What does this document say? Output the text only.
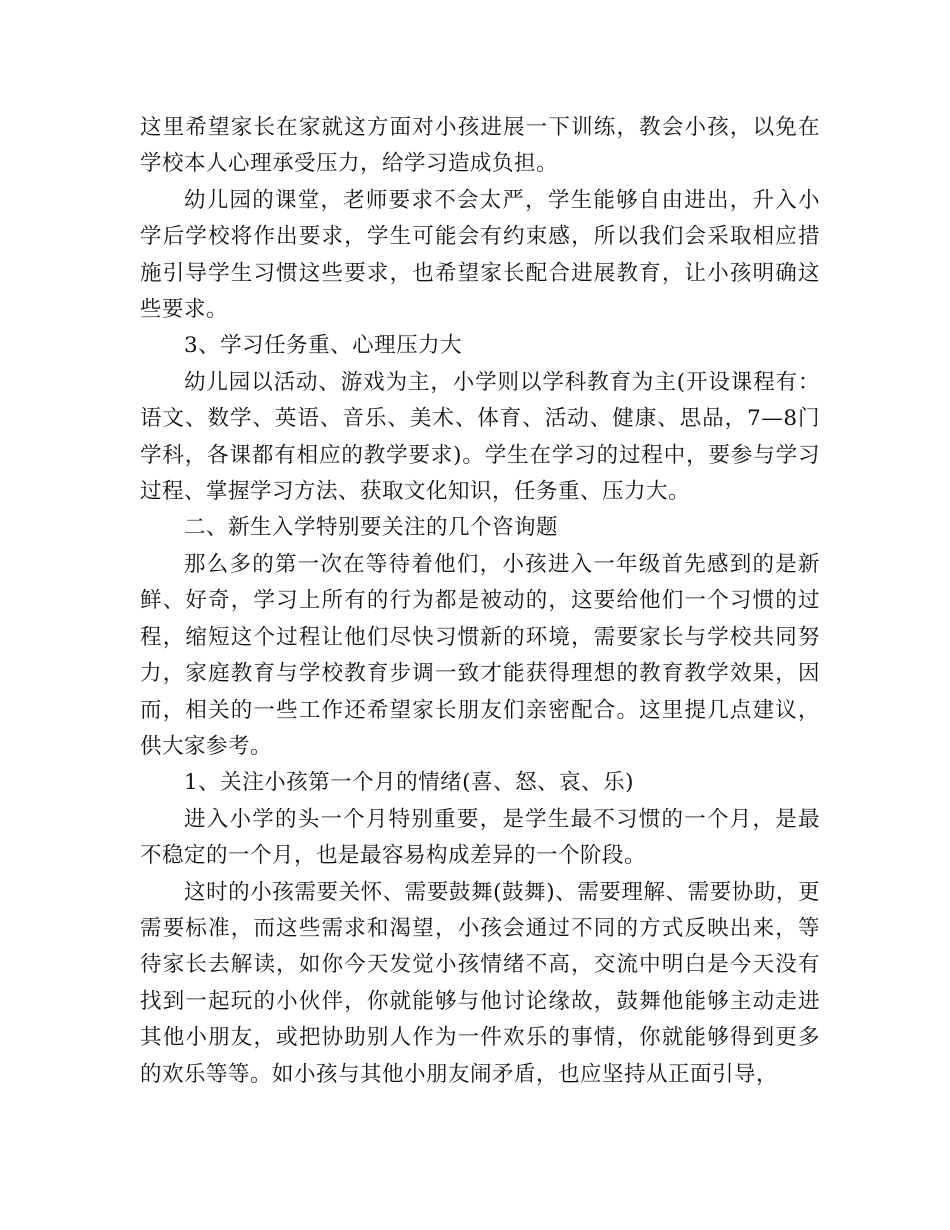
这里希望家长在家就这方面对小孩进展一下训练，教会小孩，以免在学校本人心理承受压力，给学习造成负担。

幼儿园的课堂，老师要求不会太严，学生能够自由进出，升入小学后学校将作出要求，学生可能会有约束感，所以我们会采取相应措施引导学生习惯这些要求，也希望家长配合进展教育，让小孩明确这些要求。

3、学习任务重、心理压力大

幼儿园以活动、游戏为主，小学则以学科教育为主(开设课程有：语文、数学、英语、音乐、美术、体育、活动、健康、思品，7—8门学科，各课都有相应的教学要求)。学生在学习的过程中，要参与学习过程、掌握学习方法、获取文化知识，任务重、压力大。

二、新生入学特别要关注的几个咨询题

那么多的第一次在等待着他们，小孩进入一年级首先感到的是新鲜、好奇，学习上所有的行为都是被动的，这要给他们一个习惯的过程，缩短这个过程让他们尽快习惯新的环境，需要家长与学校共同努力，家庭教育与学校教育步调一致才能获得理想的教育教学效果，因而，相关的一些工作还希望家长朋友们亲密配合。这里提几点建议，供大家参考。

1、关注小孩第一个月的情绪(喜、怒、哀、乐)

进入小学的头一个月特别重要，是学生最不习惯的一个月，是最不稳定的一个月，也是最容易构成差异的一个阶段。

这时的小孩需要关怀、需要鼓舞(鼓舞)、需要理解、需要协助，更需要标准，而这些需求和渴望，小孩会通过不同的方式反映出来，等待家长去解读，如你今天发觉小孩情绪不高，交流中明白是今天没有找到一起玩的小伙伴，你就能够与他讨论缘故，鼓舞他能够主动走进其他小朋友，或把协助别人作为一件欢乐的事情，你就能够得到更多的欢乐等等。如小孩与其他小朋友闹矛盾，也应坚持从正面引导，
